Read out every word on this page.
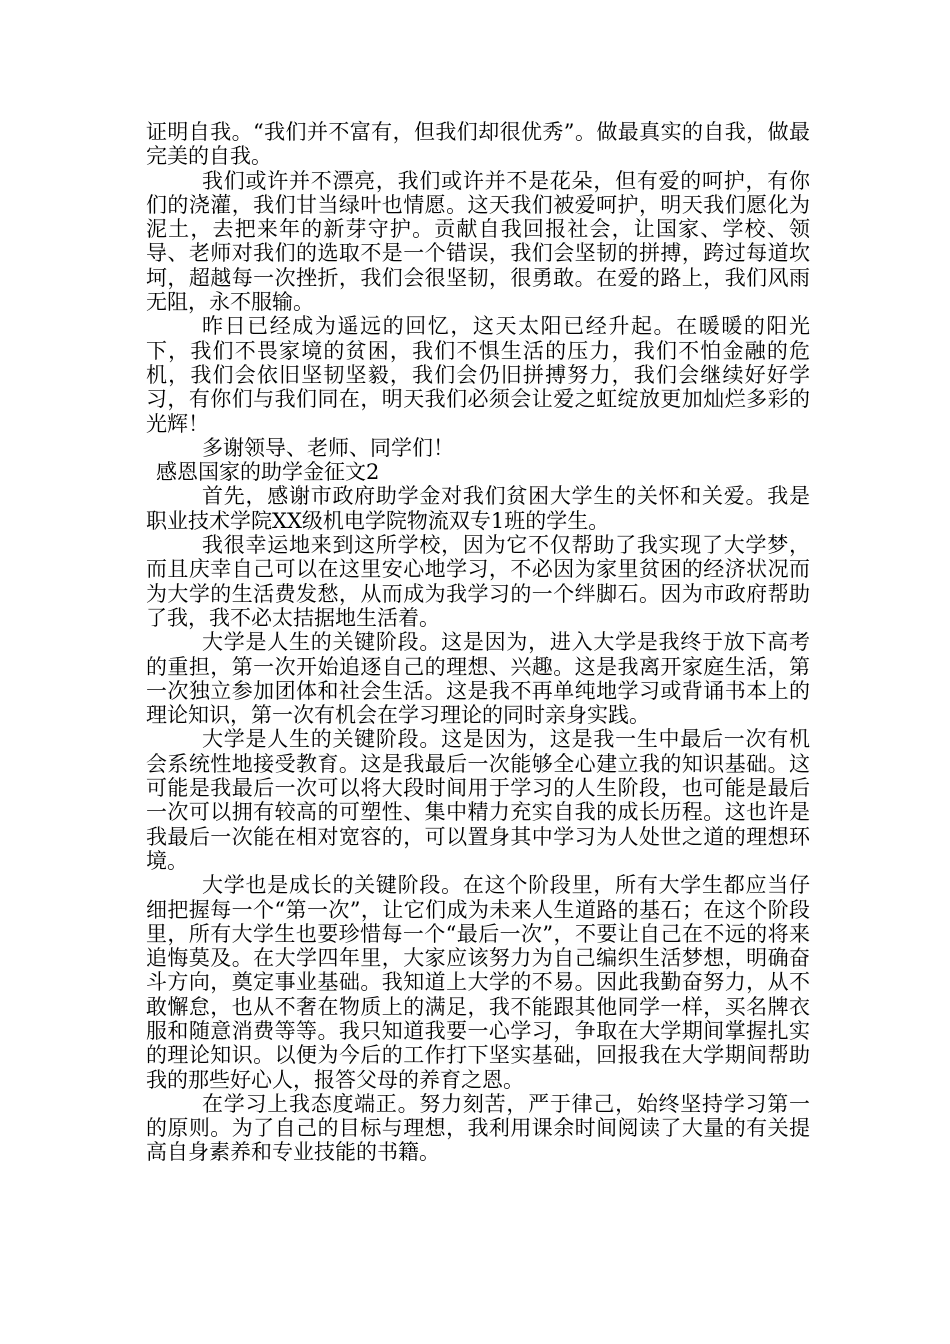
证明自我。“我们并不富有，但我们却很优秀”。做最真实的自我，做最完美的自我。

我们或许并不漂亮，我们或许并不是花朵，但有爱的呵护，有你们的浇灌，我们甘当绿叶也情愿。这天我们被爱呵护，明天我们愿化为泥土，去把来年的新芽守护。贡献自我回报社会，让国家、学校、领导、老师对我们的选取不是一个错误，我们会坚韧的拼搏，跨过每道坎坷，超越每一次挫折，我们会很坚韧，很勇敢。在爱的路上，我们风雨无阻，永不服输。

昨日已经成为遥远的回忆，这天太阳已经升起。在暖暖的阳光下，我们不畏家境的贫困，我们不惧生活的压力，我们不怕金融的危机，我们会依旧坚韧坚毅，我们会仍旧拼搏努力，我们会继续好好学习，有你们与我们同在，明天我们必须会让爱之虹绽放更加灿烂多彩的光辉！

多谢领导、老师、同学们！

感恩国家的助学金征文2

首先，感谢市政府助学金对我们贫困大学生的关怀和关爱。我是职业技术学院XX级机电学院物流双专1班的学生。

我很幸运地来到这所学校，因为它不仅帮助了我实现了大学梦，而且庆幸自己可以在这里安心地学习，不必因为家里贫困的经济状况而为大学的生活费发愁，从而成为我学习的一个绊脚石。因为市政府帮助了我，我不必太拮据地生活着。

大学是人生的关键阶段。这是因为，进入大学是我终于放下高考的重担，第一次开始追逐自己的理想、兴趣。这是我离开家庭生活，第一次独立参加团体和社会生活。这是我不再单纯地学习或背诵书本上的理论知识，第一次有机会在学习理论的同时亲身实践。

大学是人生的关键阶段。这是因为，这是我一生中最后一次有机会系统性地接受教育。这是我最后一次能够全心建立我的知识基础。这可能是我最后一次可以将大段时间用于学习的人生阶段，也可能是最后一次可以拥有较高的可塑性、集中精力充实自我的成长历程。这也许是我最后一次能在相对宽容的，可以置身其中学习为人处世之道的理想环境。

大学也是成长的关键阶段。在这个阶段里，所有大学生都应当仔细把握每一个“第一次”，让它们成为未来人生道路的基石；在这个阶段里，所有大学生也要珍惜每一个“最后一次”，不要让自己在不远的将来追悔莫及。在大学四年里，大家应该努力为自己编织生活梦想，明确奋斗方向，奠定事业基础。我知道上大学的不易。因此我勤奋努力，从不敢懈怠，也从不奢在物质上的满足，我不能跟其他同学一样，买名牌衣服和随意消费等等。我只知道我要一心学习，争取在大学期间掌握扎实的理论知识。以便为今后的工作打下坚实基础，回报我在大学期间帮助我的那些好心人，报答父母的养育之恩。

在学习上我态度端正。努力刻苦，严于律己，始终坚持学习第一的原则。为了自己的目标与理想，我利用课余时间阅读了大量的有关提高自身素养和专业技能的书籍。
